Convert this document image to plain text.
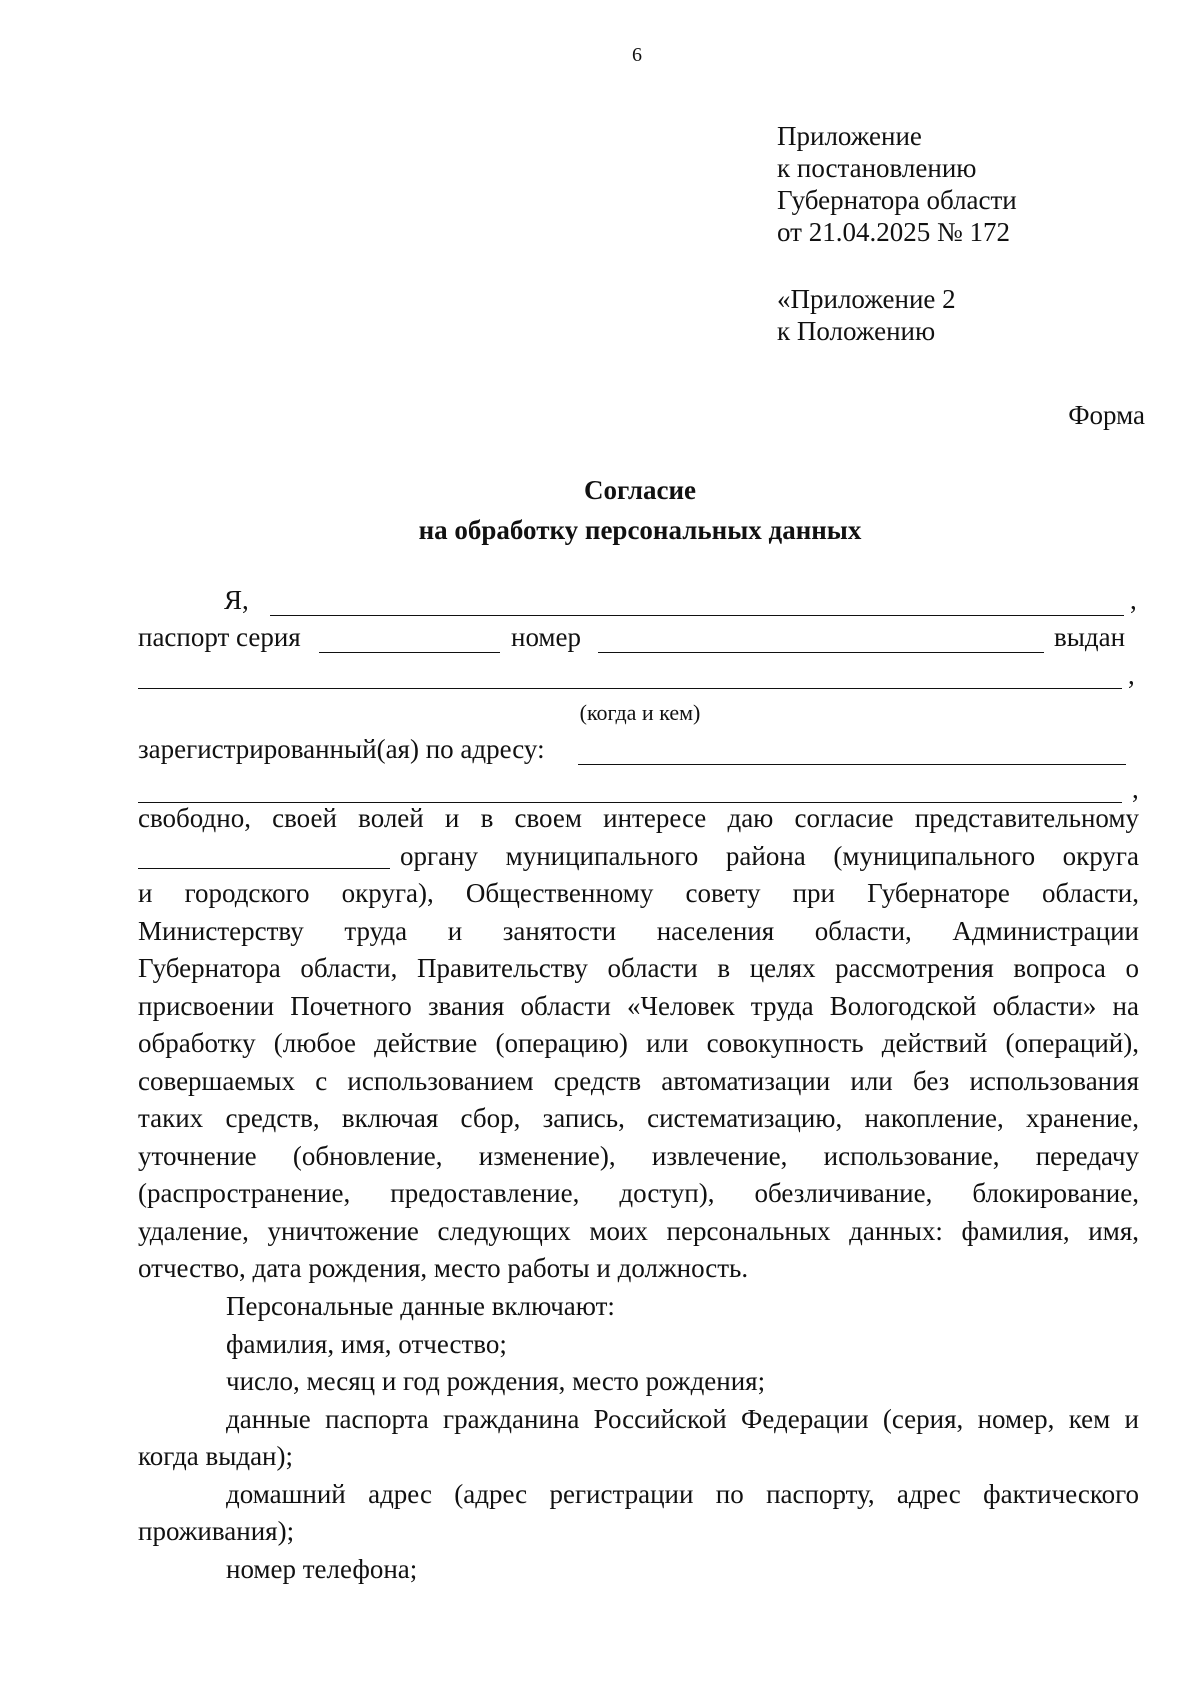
6
Приложение
к постановлению
Губернатора области
от 21.04.2025 № 172
«Приложение 2
к Положению
Форма
Согласие
на обработку персональных данных
Я,	,
паспорт серия	номер	выдан
,
(когда и кем)
зарегистрированный(ая) по адресу:
,
свободно, своей волей и в своем интересе даю согласие представительному
органу муниципального района (муниципального округа
и городского округа), Общественному совету при Губернаторе области,
Министерству труда и занятости населения области, Администрации
Губернатора области, Правительству области в целях рассмотрения вопроса о
присвоении Почетного звания области «Человек труда Вологодской области» на
обработку (любое действие (операцию) или совокупность действий (операций),
совершаемых с использованием средств автоматизации или без использования
таких средств, включая сбор, запись, систематизацию, накопление, хранение,
уточнение (обновление, изменение), извлечение, использование, передачу
(распространение, предоставление, доступ), обезличивание, блокирование,
удаление, уничтожение следующих моих персональных данных: фамилия, имя,
отчество, дата рождения, место работы и должность.
Персональные данные включают:
фамилия, имя, отчество;
число, месяц и год рождения, место рождения;
данные паспорта гражданина Российской Федерации (серия, номер, кем и
когда выдан);
домашний адрес (адрес регистрации по паспорту, адрес фактического
проживания);
номер телефона;
